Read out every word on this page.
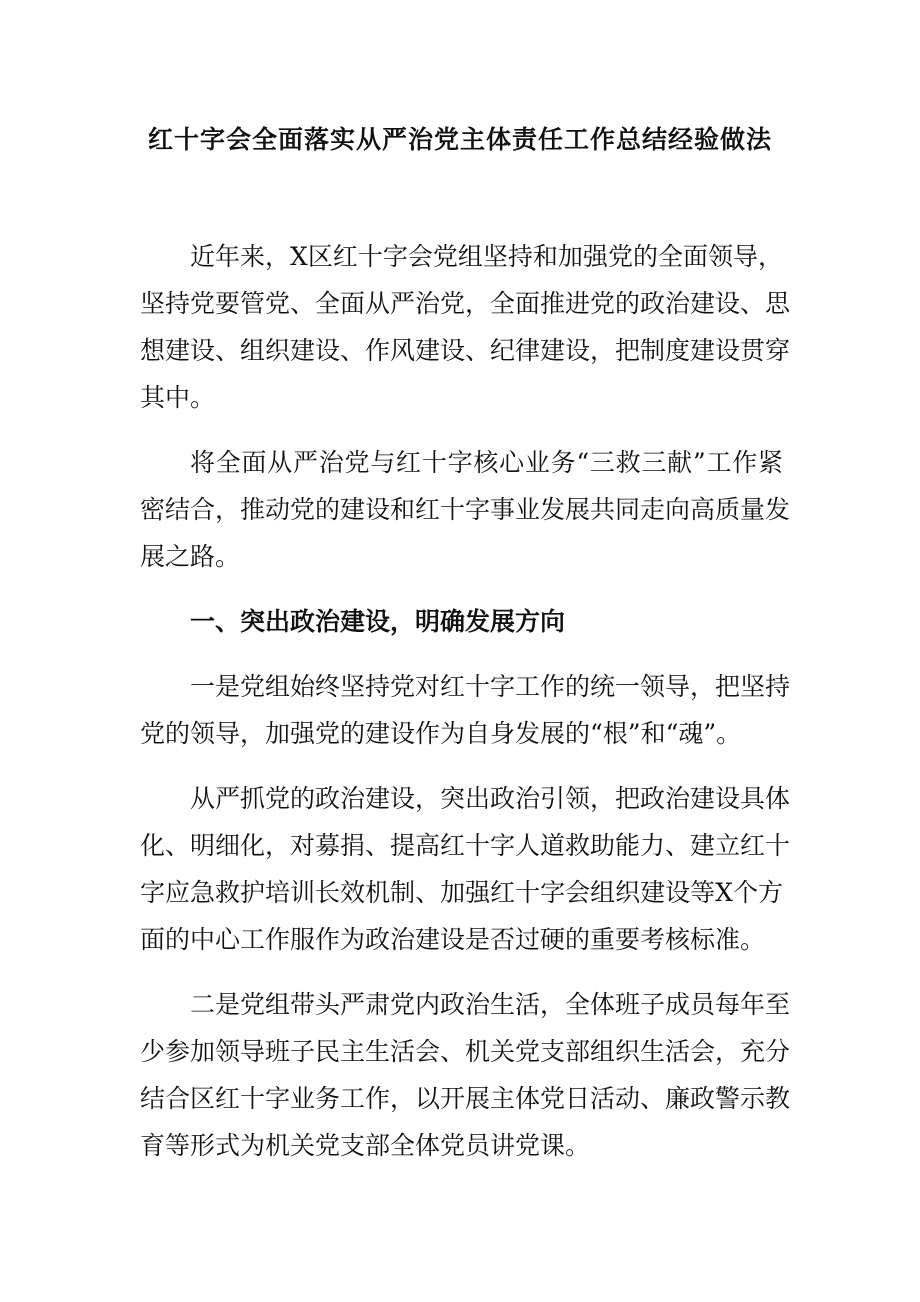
红十字会全面落实从严治党主体责任工作总结经验做法
近年来，X区红十字会党组坚持和加强党的全面领导，
坚持党要管党、全面从严治党，全面推进党的政治建设、思
想建设、组织建设、作风建设、纪律建设，把制度建设贯穿
其中。
将全面从严治党与红十字核心业务“三救三献”工作紧
密结合，推动党的建设和红十字事业发展共同走向高质量发
展之路。
一、突出政治建设，明确发展方向
一是党组始终坚持党对红十字工作的统一领导，把坚持
党的领导，加强党的建设作为自身发展的“根”和“魂”。
从严抓党的政治建设，突出政治引领，把政治建设具体
化、明细化，对募捐、提高红十字人道救助能力、建立红十
字应急救护培训长效机制、加强红十字会组织建设等X个方
面的中心工作服作为政治建设是否过硬的重要考核标准。
二是党组带头严肃党内政治生活，全体班子成员每年至
少参加领导班子民主生活会、机关党支部组织生活会，充分
结合区红十字业务工作，以开展主体党日活动、廉政警示教
育等形式为机关党支部全体党员讲党课。
